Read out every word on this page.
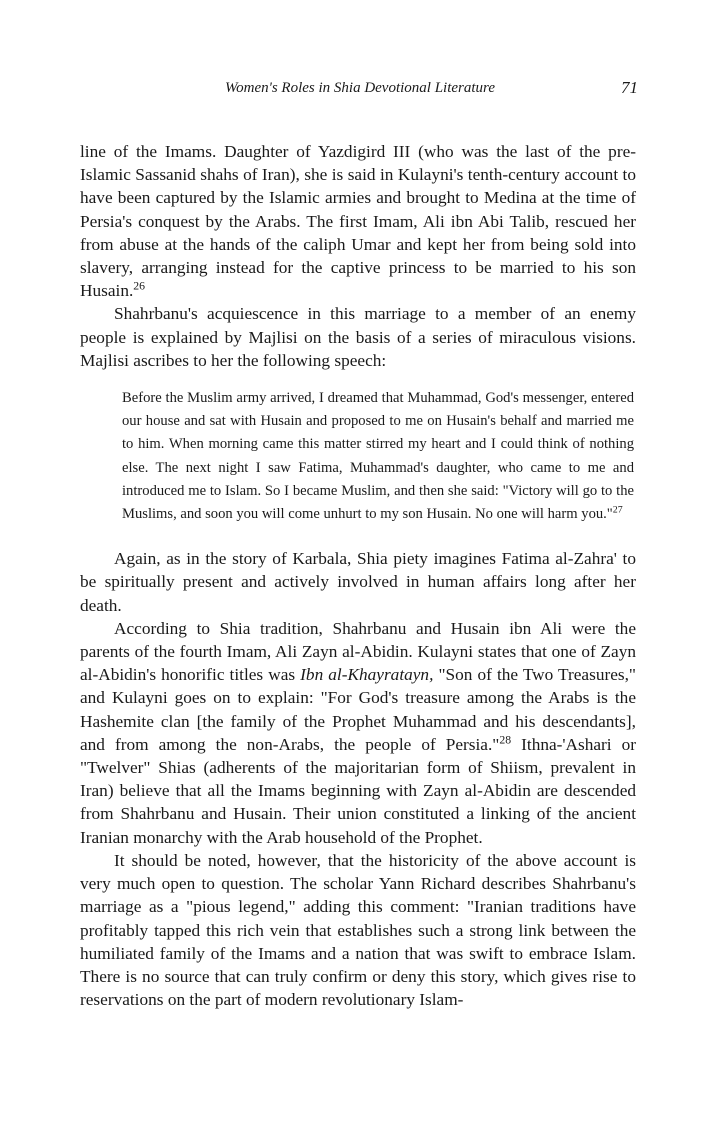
Women's Roles in Shia Devotional Literature	71

line of the Imams. Daughter of Yazdigird III (who was the last of the pre-Islamic Sassanid shahs of Iran), she is said in Kulayni's tenth-century account to have been captured by the Islamic armies and brought to Medina at the time of Persia's conquest by the Arabs. The first Imam, Ali ibn Abi Talib, rescued her from abuse at the hands of the caliph Umar and kept her from being sold into slavery, arranging instead for the captive princess to be married to his son Husain.$^{26}$

Shahrbanu's acquiescence in this marriage to a member of an enemy people is explained by Majlisi on the basis of a series of miraculous visions. Majlisi ascribes to her the following speech:

Before the Muslim army arrived, I dreamed that Muhammad, God's messenger, entered our house and sat with Husain and proposed to me on Husain's behalf and married me to him. When morning came this matter stirred my heart and I could think of nothing else. The next night I saw Fatima, Muhammad's daughter, who came to me and introduced me to Islam. So I became Muslim, and then she said: "Victory will go to the Muslims, and soon you will come unhurt to my son Husain. No one will harm you."$^{27}$

Again, as in the story of Karbala, Shia piety imagines Fatima al-Zahra' to be spiritually present and actively involved in human affairs long after her death.

According to Shia tradition, Shahrbanu and Husain ibn Ali were the parents of the fourth Imam, Ali Zayn al-Abidin. Kulayni states that one of Zayn al-Abidin's honorific titles was Ibn al-Khayratayn, "Son of the Two Treasures," and Kulayni goes on to explain: "For God's treasure among the Arabs is the Hashemite clan [the family of the Prophet Muhammad and his descendants], and from among the non-Arabs, the people of Persia."$^{28}$ Ithna-'Ashari or "Twelver" Shias (adherents of the majoritarian form of Shiism, prevalent in Iran) believe that all the Imams beginning with Zayn al-Abidin are descended from Shahrbanu and Husain. Their union constituted a linking of the ancient Iranian monarchy with the Arab household of the Prophet.

It should be noted, however, that the historicity of the above account is very much open to question. The scholar Yann Richard describes Shahrbanu's marriage as a "pious legend," adding this comment: "Iranian traditions have profitably tapped this rich vein that establishes such a strong link between the humiliated family of the Imams and a nation that was swift to embrace Islam. There is no source that can truly confirm or deny this story, which gives rise to reservations on the part of modern revolutionary Islam-
